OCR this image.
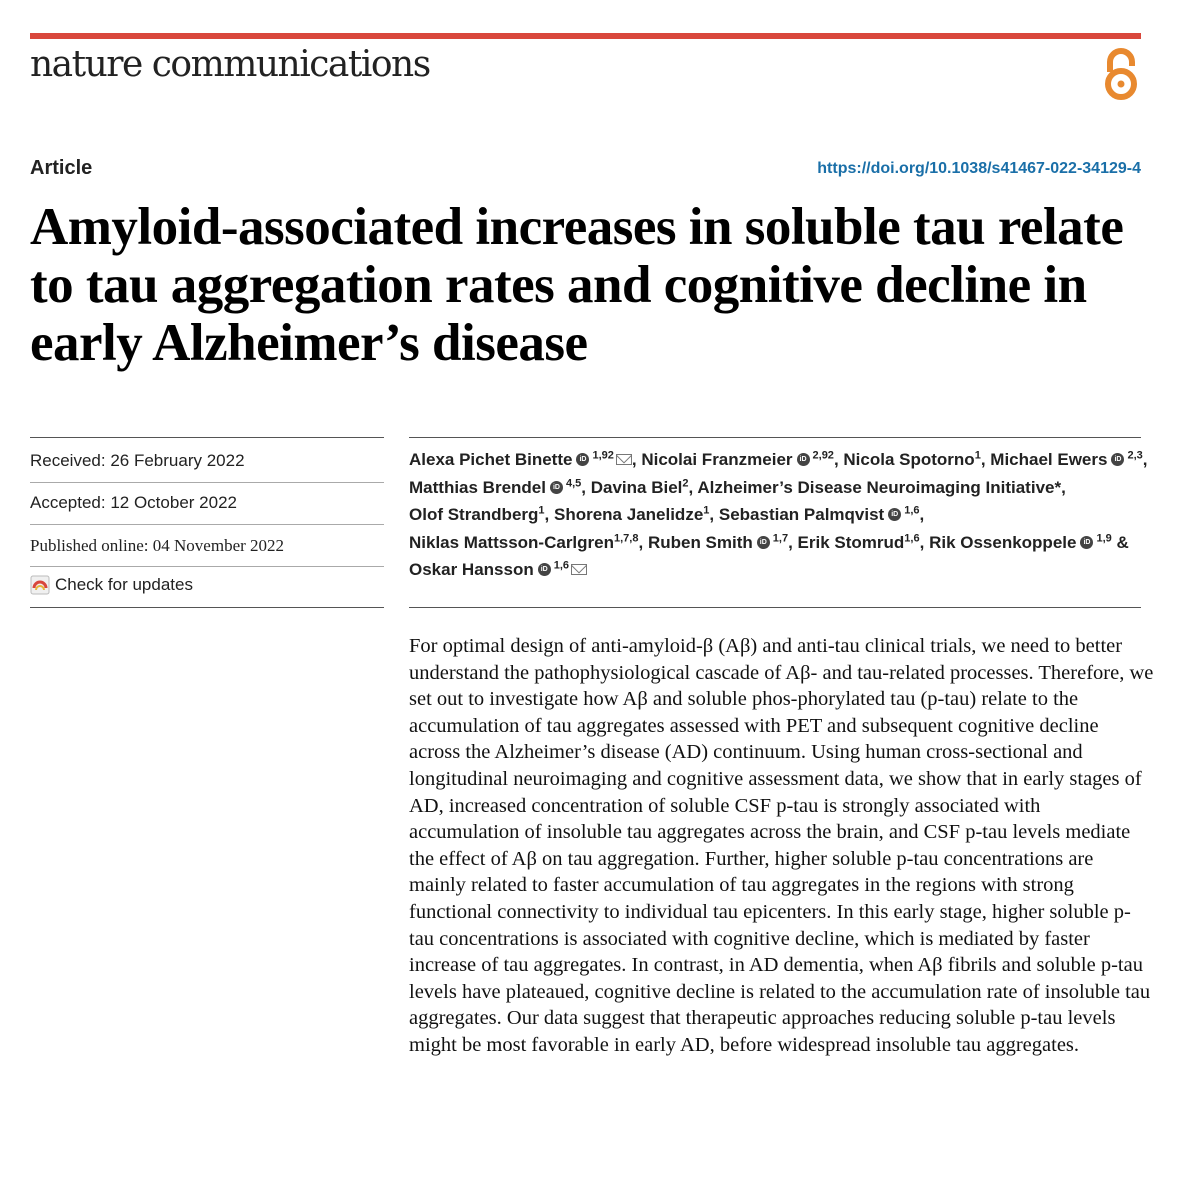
nature communications
Article	https://doi.org/10.1038/s41467-022-34129-4
Amyloid-associated increases in soluble tau relate to tau aggregation rates and cognitive decline in early Alzheimer’s disease
Received: 26 February 2022
Accepted: 12 October 2022
Published online: 04 November 2022
Check for updates

Alexa Pichet Binette iD $^{1,92}$ , Nicolai Franzmeier iD $^{2,92}$, Nicola Spotorno$^1$, Michael Ewers iD $^{2,3}$, Matthias Brendel iD $^{4,5}$, Davina Biel$^2$, Alzheimer’s Disease Neuroimaging Initiative*, Olof Strandberg$^1$, Shorena Janelidze$^1$, Sebastian Palmqvist iD $^{1,6}$, Niklas Mattsson-Carlgren$^{1,7,8}$, Ruben Smith iD $^{1,7}$, Erik Stomrud$^{1,6}$, Rik Ossenkoppele iD $^{1,9}$ & Oskar Hansson iD $^{1,6}$

For optimal design of anti-amyloid-β (Aβ) and anti-tau clinical trials, we need to better understand the pathophysiological cascade of Aβ- and tau-related processes. Therefore, we set out to investigate how Aβ and soluble phos-phorylated tau (p-tau) relate to the accumulation of tau aggregates assessed with PET and subsequent cognitive decline across the Alzheimer’s disease (AD) continuum. Using human cross-sectional and longitudinal neuroimaging and cognitive assessment data, we show that in early stages of AD, increased concentration of soluble CSF p-tau is strongly associated with accumulation of insoluble tau aggregates across the brain, and CSF p-tau levels mediate the effect of Aβ on tau aggregation. Further, higher soluble p-tau concentrations are mainly related to faster accumulation of tau aggregates in the regions with strong functional connectivity to individual tau epicenters. In this early stage, higher soluble p-tau concentrations is associated with cognitive decline, which is mediated by faster increase of tau aggregates. In contrast, in AD dementia, when Aβ fibrils and soluble p-tau levels have plateaued, cognitive decline is related to the accumulation rate of insoluble tau aggregates. Our data suggest that therapeutic approaches reducing soluble p-tau levels might be most favorable in early AD, before widespread insoluble tau aggregates.
